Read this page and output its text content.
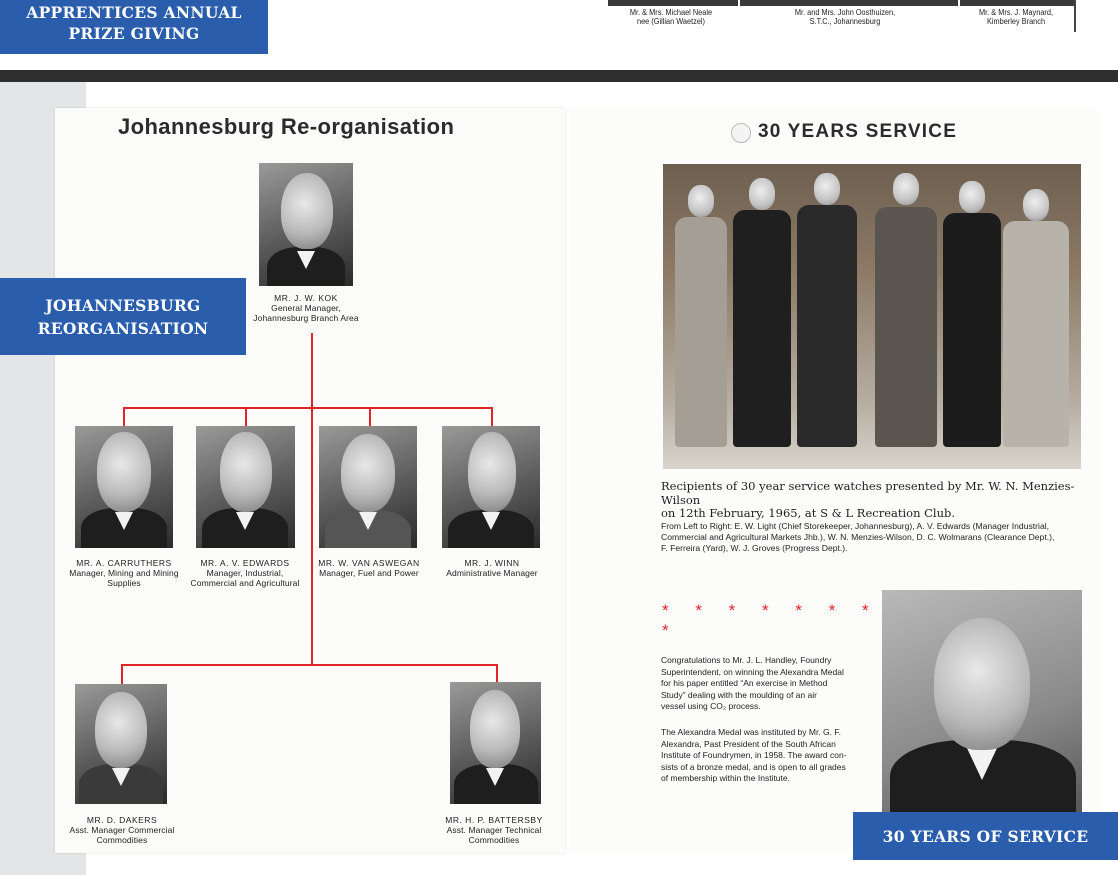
Mr. & Mrs. Michael Neale
nee (Gillian Waetzel)
Mr. and Mrs. John Oosthuizen,
S.T.C., Johannesburg
Mr. & Mrs. J. Maynard,
Kimberley Branch
APPRENTICES ANNUAL
PRIZE GIVING
Johannesburg Re-organisation
MR. J. W. KOK
General Manager, Johannesburg Branch Area
JOHANNESBURG
REORGANISATION
MR. A. CARRUTHERS
Manager, Mining and Mining Supplies
MR. A. V. EDWARDS
Manager, Industrial, Commercial and Agricultural
MR. W. VAN ASWEGAN
Manager, Fuel and Power
MR. J. WINN
Administrative Manager
MR. D. DAKERS
Asst. Manager Commercial Commodities
MR. H. P. BATTERSBY
Asst. Manager Technical Commodities
30 YEARS SERVICE
Recipients of 30 year service watches presented by Mr. W. N. Menzies-Wilson
on 12th February, 1965, at S & L Recreation Club.
From Left to Right: E. W. Light (Chief Storekeeper, Johannesburg), A. V. Edwards (Manager Industrial,
Commercial and Agricultural Markets Jhb.), W. N. Menzies-Wilson, D. C. Wolmarans (Clearance Dept.),
F. Ferreira (Yard), W. J. Groves (Progress Dept.).
* * * * * * * *
Congratulations to Mr. J. L. Handley, Foundry
Superintendent, on winning the Alexandra Medal
for his paper entitled “An exercise in Method
Study” dealing with the moulding of an air
vessel using CO₂ process.
The Alexandra Medal was instituted by Mr. G. F.
Alexandra, Past President of the South African
Institute of Foundrymen, in 1958. The award con-
sists of a bronze medal, and is open to all grades
of membership within the Institute.
30 YEARS OF SERVICE
